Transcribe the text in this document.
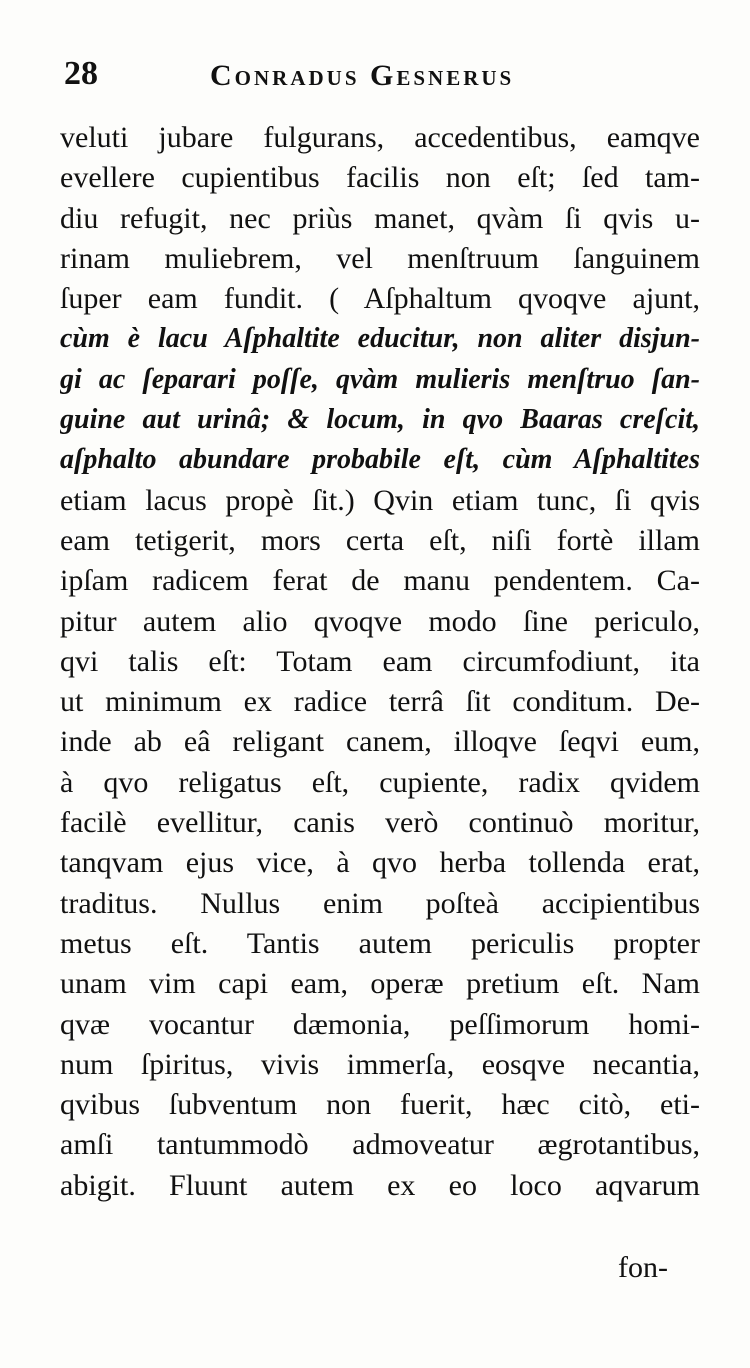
28	Conradus Gesnerus
veluti jubare fulgurans, accedentibus, eamqve
evellere cupientibus facilis non eſt; ſed tam-
diu refugit, nec priùs manet, qvàm ſi qvis u-
rinam muliebrem, vel menſtruum ſanguinem
ſuper eam fundit. ( Aſphaltum qvoqve ajunt,
cùm è lacu Aſphaltite educitur, non aliter disjun-
gi ac ſeparari poſſe, qvàm mulieris menſtruo ſan-
guine aut urinâ; & locum, in qvo Baaras creſcit,
aſphalto abundare probabile eſt, cùm Aſphaltites
etiam lacus propè ſit.) Qvin etiam tunc, ſi qvis
eam tetigerit, mors certa eſt, niſi fortè illam
ipſam radicem ferat de manu pendentem. Ca-
pitur autem alio qvoqve modo ſine periculo,
qvi talis eſt: Totam eam circumfodiunt, ita
ut minimum ex radice terrâ ſit conditum. De-
inde ab eâ religant canem, illoqve ſeqvi eum,
à qvo religatus eſt, cupiente, radix qvidem
facilè evellitur, canis verò continuò moritur,
tanqvam ejus vice, à qvo herba tollenda erat,
traditus. Nullus enim poſteà accipientibus
metus eſt. Tantis autem periculis propter
unam vim capi eam, operæ pretium eſt. Nam
qvæ vocantur dæmonia, peſſimorum homi-
num ſpiritus, vivis immerſa, eosqve necantia,
qvibus ſubventum non fuerit, hæc citò, eti-
amſi tantummodò admoveatur ægrotantibus,
abigit. Fluunt autem ex eo loco aqvarum
fon-
